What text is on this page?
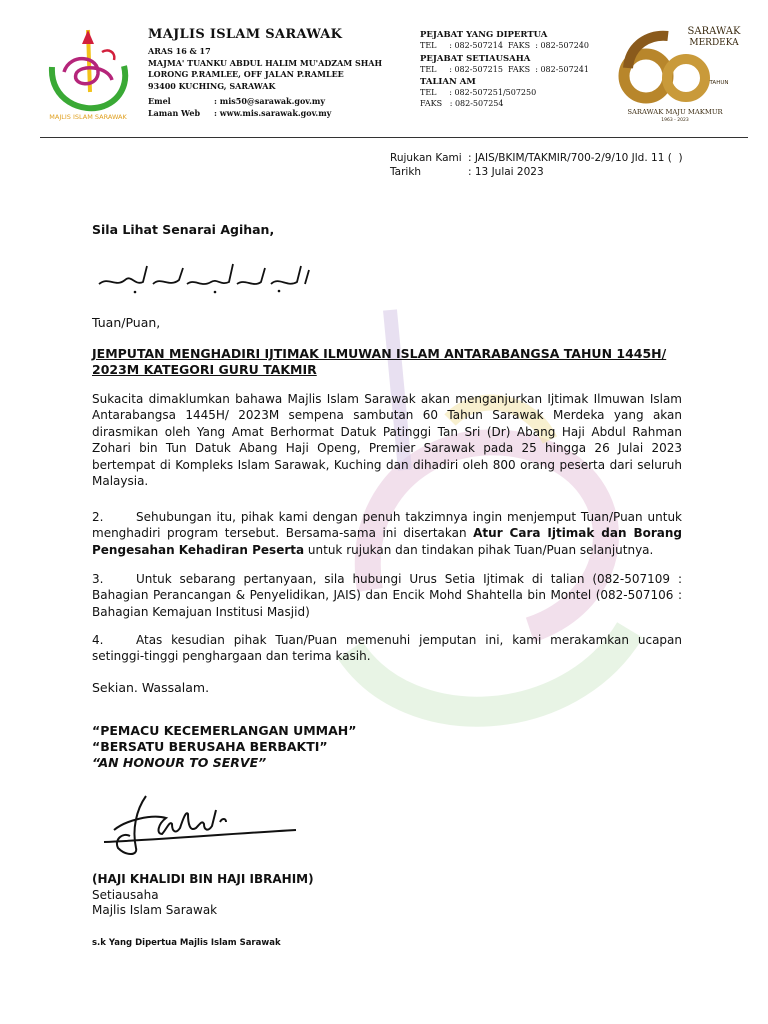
MAJLIS ISLAM SARAWAK
MAJLIS ISLAM SARAWAK
ARAS 16 & 17
MAJMA' TUANKU ABDUL HALIM MU'ADZAM SHAH
LORONG P.RAMLEE, OFF JALAN P.RAMLEE
93400 KUCHING, SARAWAK
Emel	: mis50@sarawak.gov.my
Laman Web	: www.mis.sarawak.gov.my
PEJABAT YANG DIPERTUA
TEL     : 082-507214  FAKS  : 082-507240
PEJABAT SETIAUSAHA
TEL     : 082-507215  FAKS  : 082-507241
TALIAN AM
TEL     : 082-507251/507250
FAKS   : 082-507254
SARAWAK
MERDEKA
TAHUN
SARAWAK MAJU MAKMUR
1963 - 2023
Rujukan Kami : JAIS/BKIM/TAKMIR/700-2/9/10 Jld. 11 (  )
Tarikh	: 13 Julai 2023
Sila Lihat Senarai Agihan,
Tuan/Puan,
JEMPUTAN MENGHADIRI IJTIMAK ILMUWAN ISLAM ANTARABANGSA TAHUN 1445H/ 2023M KATEGORI GURU TAKMIR
Sukacita dimaklumkan bahawa Majlis Islam Sarawak akan menganjurkan Ijtimak Ilmuwan Islam Antarabangsa 1445H/ 2023M sempena sambutan 60 Tahun Sarawak Merdeka yang akan dirasmikan oleh Yang Amat Berhormat Datuk Patinggi Tan Sri (Dr) Abang Haji Abdul Rahman Zohari bin Tun Datuk Abang Haji Openg, Premier Sarawak pada 25 hingga 26 Julai 2023 bertempat di Kompleks Islam Sarawak, Kuching dan dihadiri oleh 800 orang peserta dari seluruh Malaysia.
2.	Sehubungan itu, pihak kami dengan penuh takzimnya ingin menjemput Tuan/Puan untuk menghadiri program tersebut. Bersama-sama ini disertakan Atur Cara Ijtimak dan Borang Pengesahan Kehadiran Peserta untuk rujukan dan tindakan pihak Tuan/Puan selanjutnya.
3.	Untuk sebarang pertanyaan, sila hubungi Urus Setia Ijtimak di talian (082-507109 : Bahagian Perancangan & Penyelidikan, JAIS) dan Encik Mohd Shahtella bin Montel (082-507106 : Bahagian Kemajuan Institusi Masjid)
4.	Atas kesudian pihak Tuan/Puan memenuhi jemputan ini, kami merakamkan ucapan setinggi-tinggi penghargaan dan terima kasih.
Sekian. Wassalam.
“PEMACU KECEMERLANGAN UMMAH”
“BERSATU BERUSAHA BERBAKTI”
“AN HONOUR TO SERVE”
(HAJI KHALIDI BIN HAJI IBRAHIM)
Setiausaha
Majlis Islam Sarawak
s.k Yang Dipertua Majlis Islam Sarawak
